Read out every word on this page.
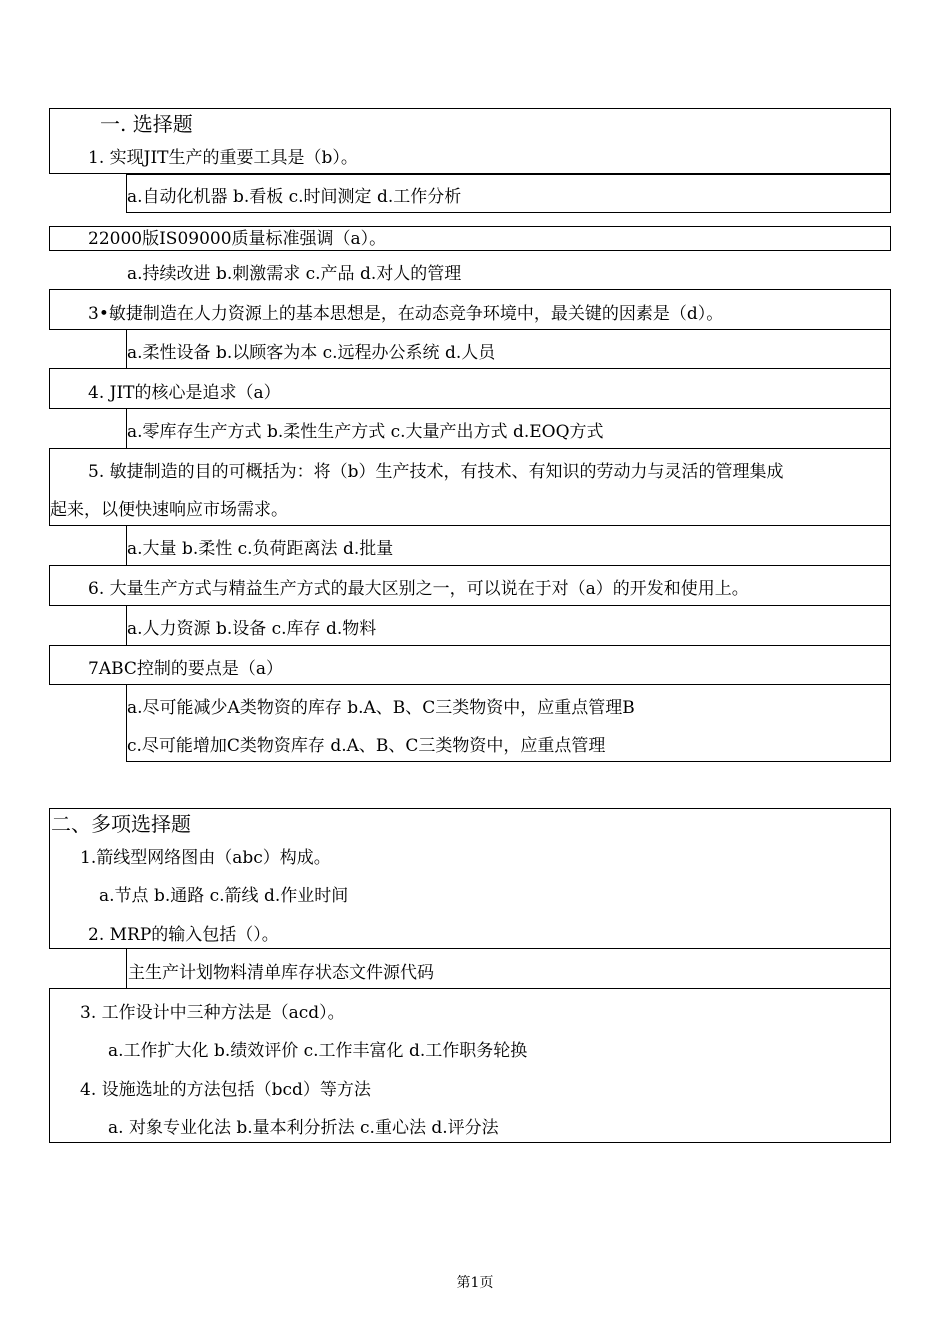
一. 选择题
1. 实现JIT生产的重要工具是（b）。
a.自动化机器 b.看板 c.时间测定 d.工作分析
22000版IS09000质量标准强调（a）。
a.持续改进 b.刺激需求 c.产品 d.对人的管理
3•敏捷制造在人力资源上的基本思想是，在动态竞争环境中，最关键的因素是（d）。
a.柔性设备 b.以顾客为本 c.远程办公系统 d.人员
4. JIT的核心是追求（a）
a.零库存生产方式 b.柔性生产方式 c.大量产出方式 d.EOQ方式
5. 敏捷制造的目的可概括为：将（b）生产技术，有技术、有知识的劳动力与灵活的管理集成
起来，以便快速响应市场需求。
a.大量 b.柔性 c.负荷距离法 d.批量
6. 大量生产方式与精益生产方式的最大区别之一，可以说在于对（a）的开发和使用上。
a.人力资源 b.设备 c.库存 d.物料
7ABC控制的要点是（a）
a.尽可能减少A类物资的库存 b.A、B、C三类物资中，应重点管理B
c.尽可能增加C类物资库存 d.A、B、C三类物资中，应重点管理
二、多项选择题
1.箭线型网络图由（abc）构成。
a.节点 b.通路 c.箭线 d.作业时间
2. MRP的输入包括（）。
主生产计划物料清单库存状态文件源代码
3. 工作设计中三种方法是（acd）。
a.工作扩大化 b.绩效评价 c.工作丰富化 d.工作职务轮换
4. 设施选址的方法包括（bcd）等方法
a. 对象专业化法 b.量本利分折法 c.重心法 d.评分法
第1页
